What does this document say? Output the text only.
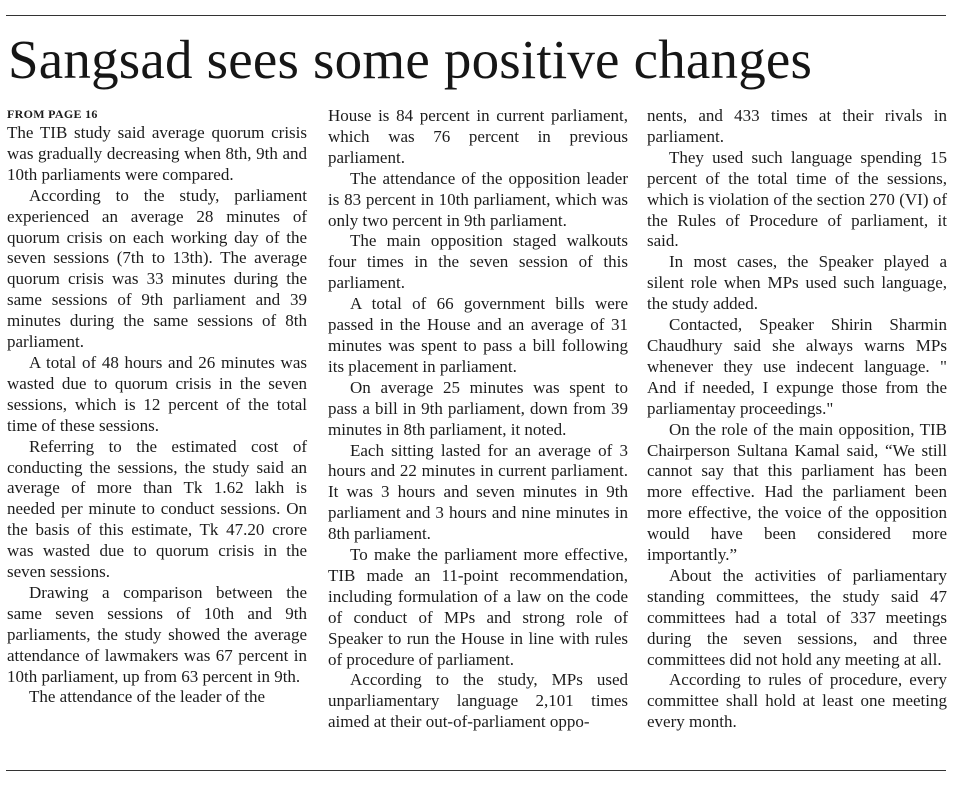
Sangsad sees some positive changes
FROM PAGE 16

The TIB study said average quorum crisis was gradually decreasing when 8th, 9th and 10th parliaments were compared.

According to the study, parliament experienced an average 28 minutes of quorum crisis on each working day of the seven sessions (7th to 13th). The average quorum crisis was 33 minutes during the same sessions of 9th parliament and 39 minutes during the same sessions of 8th parliament.

A total of 48 hours and 26 minutes was wasted due to quorum crisis in the seven sessions, which is 12 percent of the total time of these sessions.

Referring to the estimated cost of conducting the sessions, the study said an average of more than Tk 1.62 lakh is needed per minute to conduct sessions. On the basis of this estimate, Tk 47.20 crore was wasted due to quorum crisis in the seven sessions.

Drawing a comparison between the same seven sessions of 10th and 9th parliaments, the study showed the average attendance of lawmakers was 67 percent in 10th parliament, up from 63 percent in 9th.

The attendance of the leader of the

House is 84 percent in current parliament, which was 76 percent in previous parliament.

The attendance of the opposition leader is 83 percent in 10th parliament, which was only two percent in 9th parliament.

The main opposition staged walkouts four times in the seven session of this parliament.

A total of 66 government bills were passed in the House and an average of 31 minutes was spent to pass a bill following its placement in parliament.

On average 25 minutes was spent to pass a bill in 9th parliament, down from 39 minutes in 8th parliament, it noted.

Each sitting lasted for an average of 3 hours and 22 minutes in current parliament. It was 3 hours and seven minutes in 9th parliament and 3 hours and nine minutes in 8th parliament.

To make the parliament more effective, TIB made an 11-point recommendation, including formulation of a law on the code of conduct of MPs and strong role of Speaker to run the House in line with rules of procedure of parliament.

According to the study, MPs used unparliamentary language 2,101 times aimed at their out-of-parliament oppo-

nents, and 433 times at their rivals in parliament.

They used such language spending 15 percent of the total time of the sessions, which is violation of the section 270 (VI) of the Rules of Procedure of parliament, it said.

In most cases, the Speaker played a silent role when MPs used such language, the study added.

Contacted, Speaker Shirin Sharmin Chaudhury said she always warns MPs whenever they use indecent language. " And if needed, I expunge those from the parliamentay proceedings."

On the role of the main opposition, TIB Chairperson Sultana Kamal said, “We still cannot say that this parliament has been more effective. Had the parliament been more effective, the voice of the opposition would have been considered more importantly.”

About the activities of parliamentary standing committees, the study said 47 committees had a total of 337 meetings during the seven sessions, and three committees did not hold any meeting at all.

According to rules of procedure, every committee shall hold at least one meeting every month.
